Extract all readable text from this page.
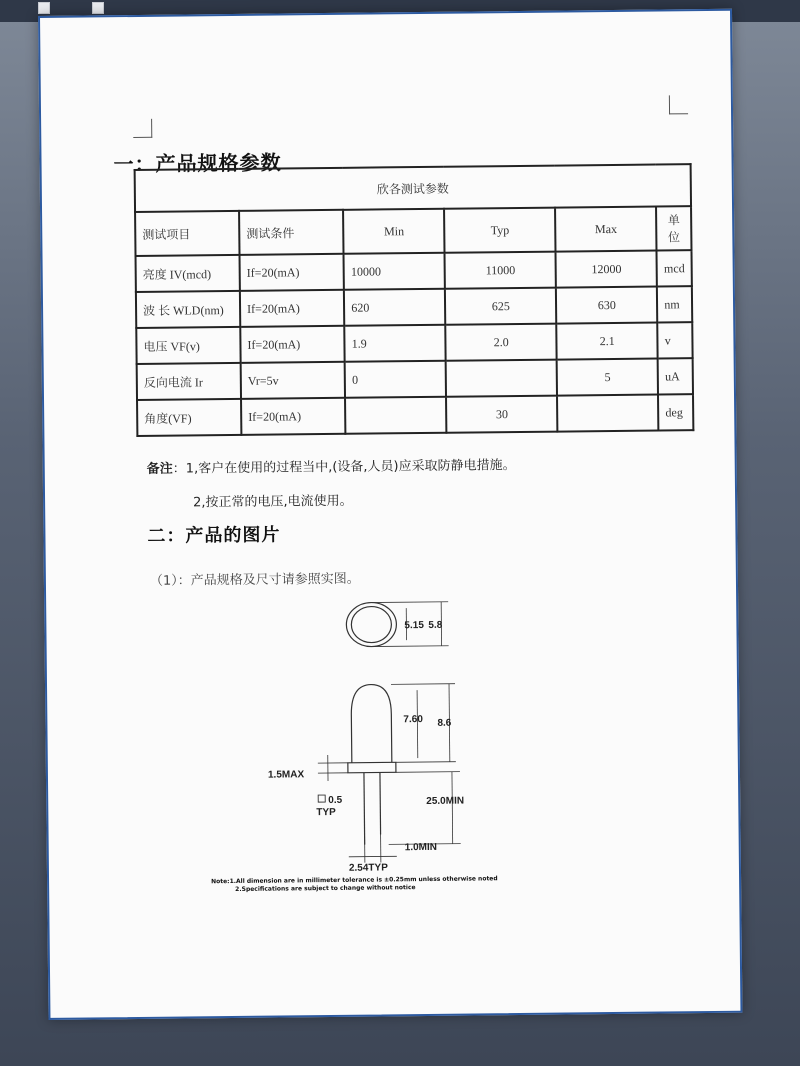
一：产品规格参数
欣各测试参数					
测试项目	测试条件	Min	Typ	Max	单位
亮度 IV(mcd)	If=20(mA)	10000	11000	12000	mcd
波 长 WLD(nm)	If=20(mA)	620	625	630	nm
电压 VF(v)	If=20(mA)	1.9	2.0	2.1	v
反向电流 Ir	Vr=5v	0		5	uA
角度(VF)	If=20(mA)		30		deg
备注：1,客户在使用的过程当中,(设备,人员)应采取防静电措施。
2,按正常的电压,电流使用。
二：产品的图片
（1）：产品规格及尺寸请参照实图。
5.15 5.8
7.60 8.6
1.5MAX
0.5
TYP
25.0MIN
1.0MIN
2.54TYP
Note:1.All dimension are in millimeter tolerance is ±0.25mm unless otherwise noted
2.Specifications are subject to change without notice
